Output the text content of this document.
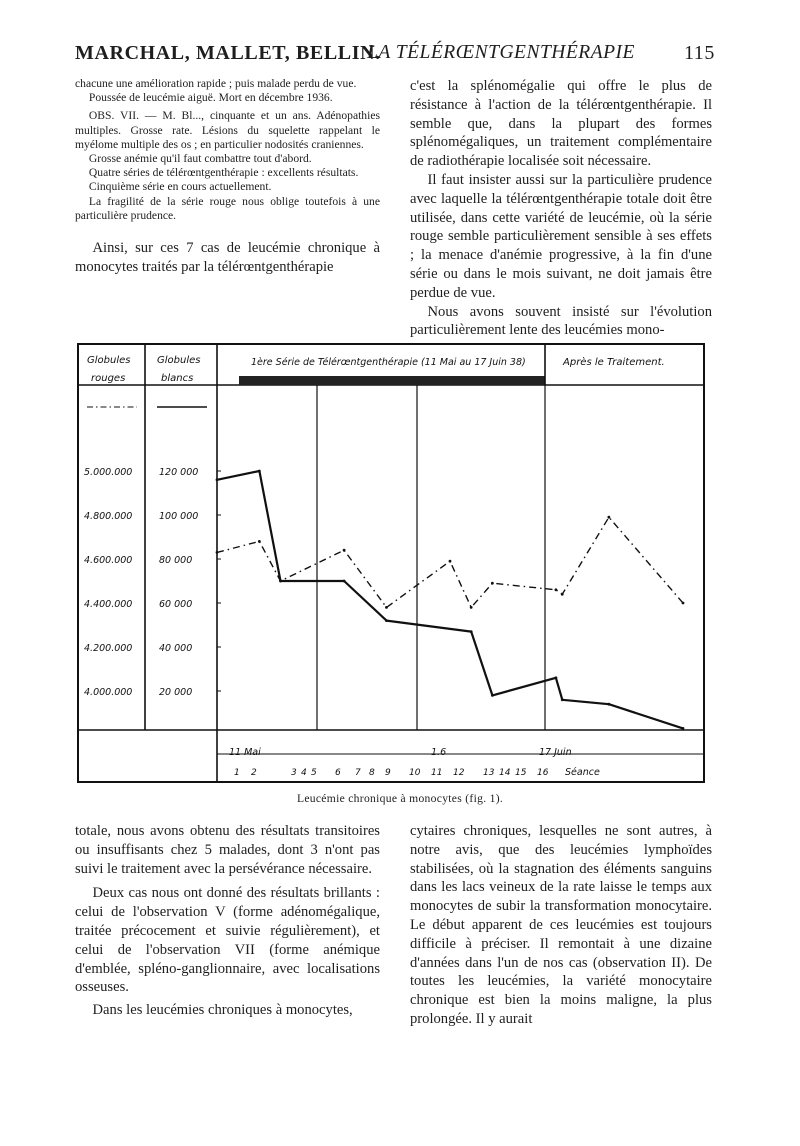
MARCHAL, MALLET, BELLIN.
LA TÉLÉRŒNTGENTHÉRAPIE 115

chacune une amélioration rapide ; puis malade perdu de vue.

Poussée de leucémie aiguë. Mort en décembre 1936.

OBS. VII. — M. Bl..., cinquante et un ans. Adénopathies multiples. Grosse rate. Lésions du squelette rappelant le myélome multiple des os ; en particulier nodosités craniennes.

Grosse anémie qu'il faut combattre tout d'abord.

Quatre séries de télérœntgenthérapie : excellents résultats.

Cinquième série en cours actuellement.

La fragilité de la série rouge nous oblige toutefois à une particulière prudence.

Ainsi, sur ces 7 cas de leucémie chronique à monocytes traités par la télérœntgenthérapie

c'est la splénomégalie qui offre le plus de résistance à l'action de la télérœntgenthérapie. Il semble que, dans la plupart des formes splénomégaliques, un traitement complémentaire de radiothérapie localisée soit nécessaire.

Il faut insister aussi sur la particulière prudence avec laquelle la télérœntgenthérapie totale doit être utilisée, dans cette variété de leucémie, où la série rouge semble particulièrement sensible à ses effets ; la menace d'anémie progressive, à la fin d'une série ou dans le mois suivant, ne doit jamais être perdue de vue.

Nous avons souvent insisté sur l'évolution particulièrement lente des leucémies mono-

Globules
rouges
Globules
blancs
1ère Série de Télérœntgenthérapie (11 Mai au 17 Juin 38)	Après le Traitement.
5.000.000
4.800.000
4.600.000
4.400.000
4.200.000
4.000.000
120 000
100 000
80 000
60 000
40 000
20 000
11 Mai	1.6	17 Juin
1 2	3 4 5 6 7 8 9 10 11 12 13 14 15 16 Séance
Leucémie chronique à monocytes (fig. 1).

totale, nous avons obtenu des résultats transitoires ou insuffisants chez 5 malades, dont 3 n'ont pas suivi le traitement avec la persévérance nécessaire.

Deux cas nous ont donné des résultats brillants : celui de l'observation V (forme adénomégalique, traitée précocement et suivie régulièrement), et celui de l'observation VII (forme anémique d'emblée, spléno-ganglionnaire, avec localisations osseuses.

Dans les leucémies chroniques à monocytes,

cytaires chroniques, lesquelles ne sont autres, à notre avis, que des leucémies lymphoïdes stabilisées, où la stagnation des éléments sanguins dans les lacs veineux de la rate laisse le temps aux monocytes de subir la transformation monocytaire. Le début apparent de ces leucémies est toujours difficile à préciser. Il remontait à une dizaine d'années dans l'un de nos cas (observation II). De toutes les leucémies, la variété monocytaire chronique est bien la moins maligne, la plus prolongée. Il y aurait
